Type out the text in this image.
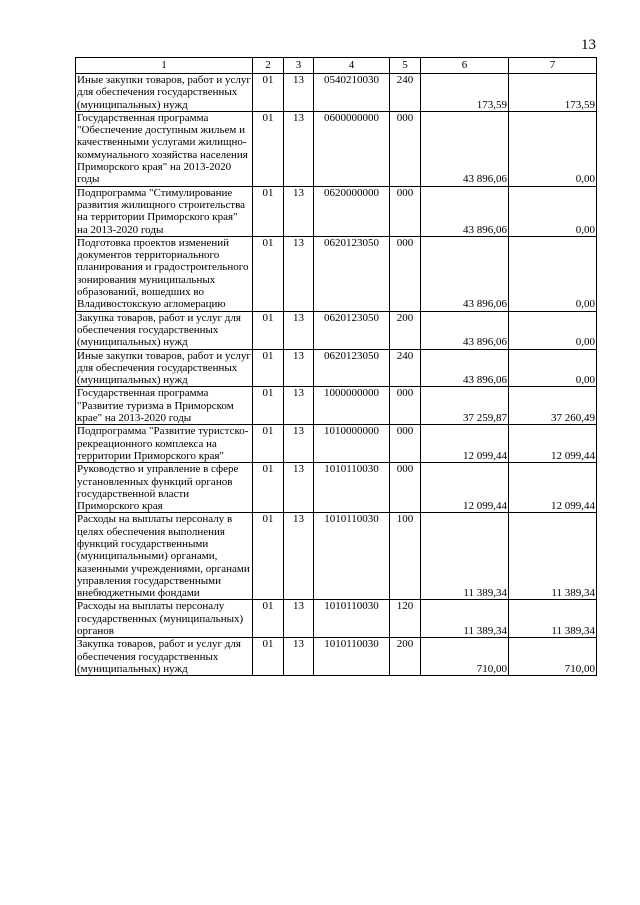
13
1	2	3	4	5	6	7
Иные закупки товаров, работ и услуг для обеспечения государственных (муниципальных) нужд	01	13	0540210030	240	173,59	173,59
Государственная программа "Обеспечение доступным жильем и качественными услугами жилищно-коммунального хозяйства населения Приморского края" на 2013-2020 годы	01	13	0600000000	000	43 896,06	0,00
Подпрограмма "Стимулирование развития жилищного строительства на территории Приморского края" на 2013-2020 годы	01	13	0620000000	000	43 896,06	0,00
Подготовка проектов изменений документов территориального планирования и градостроительного зонирования муниципальных образований, вошедших во Владивостокскую агломерацию	01	13	0620123050	000	43 896,06	0,00
Закупка товаров, работ и услуг для обеспечения государственных (муниципальных) нужд	01	13	0620123050	200	43 896,06	0,00
Иные закупки товаров, работ и услуг для обеспечения государственных (муниципальных) нужд	01	13	0620123050	240	43 896,06	0,00
Государственная программа "Развитие туризма в Приморском крае" на 2013-2020 годы	01	13	1000000000	000	37 259,87	37 260,49
Подпрограмма "Развитие туристско-рекреационного комплекса на территории Приморского края"	01	13	1010000000	000	12 099,44	12 099,44
Руководство и управление в сфере установленных функций органов государственной власти Приморского края	01	13	1010110030	000	12 099,44	12 099,44
Расходы на выплаты персоналу в целях обеспечения выполнения функций государственными (муниципальными) органами, казенными учреждениями, органами управления государственными внебюджетными фондами	01	13	1010110030	100	11 389,34	11 389,34
Расходы на выплаты персоналу государственных (муниципальных) органов	01	13	1010110030	120	11 389,34	11 389,34
Закупка товаров, работ и услуг для обеспечения государственных (муниципальных) нужд	01	13	1010110030	200	710,00	710,00
